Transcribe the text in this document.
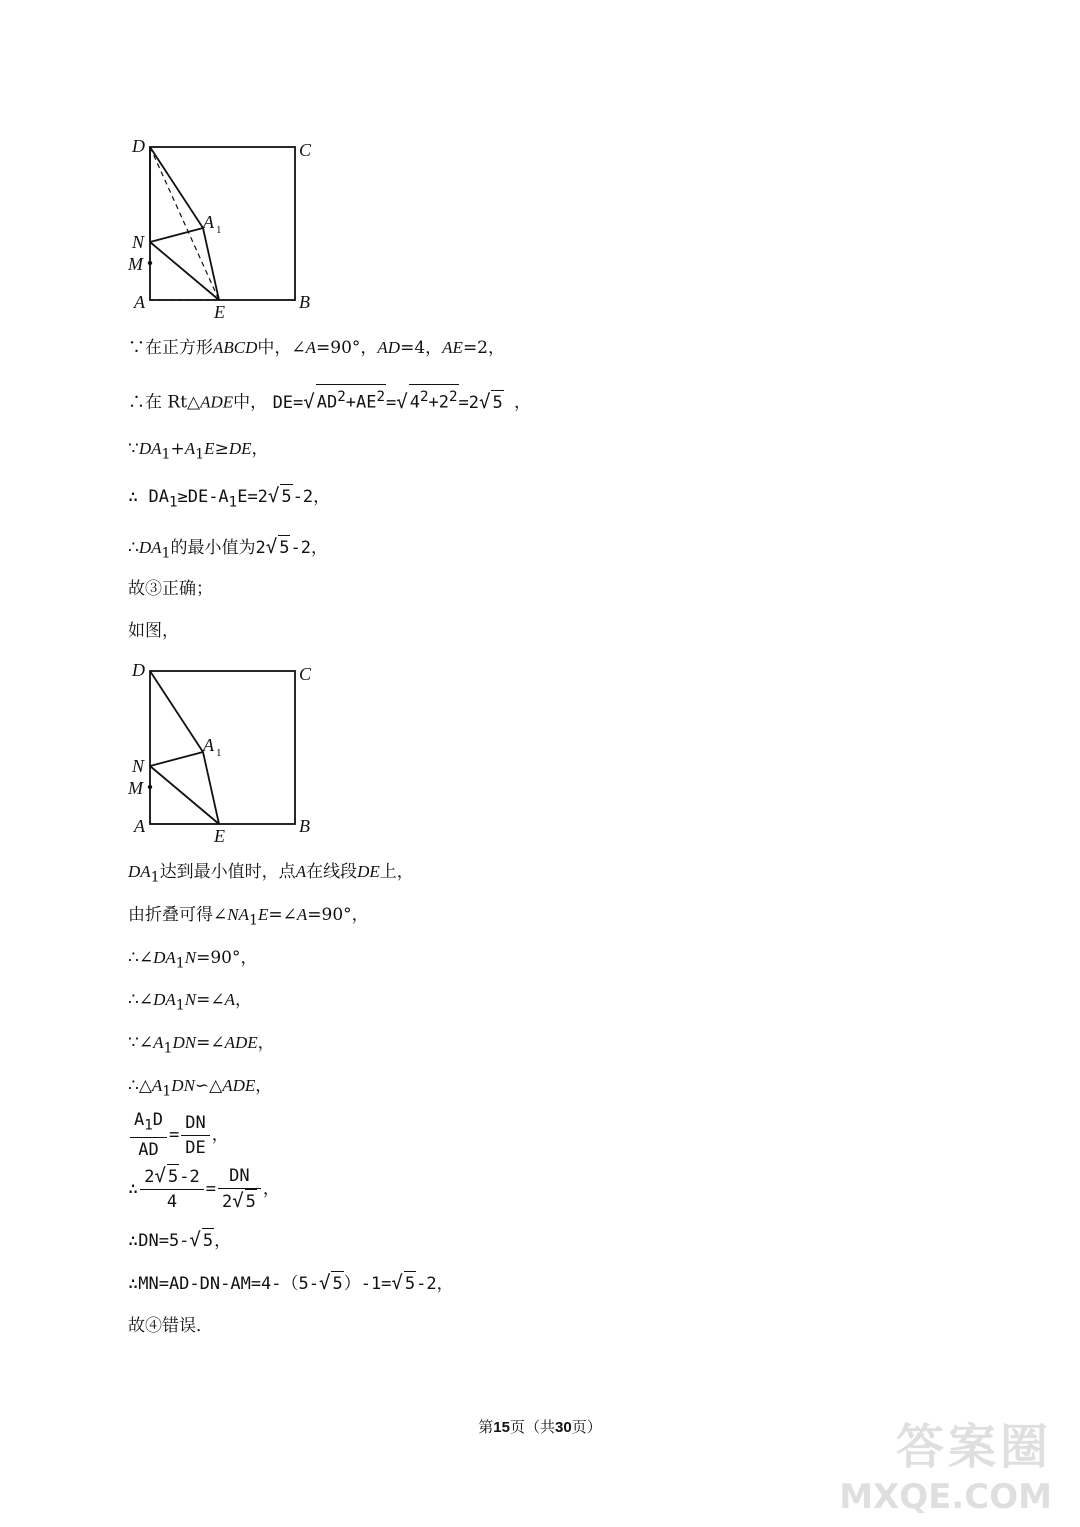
D	C
B
A	E
N
M
A 1
∵在正方形ABCD中，∠A=90°，AD=4，AE=2，
∴在 Rt△ADE中， DE=√ $AD^2+AE^2=√$ $4^2+2^2=2√$ 5 ，
$\because DA_1+A_1E\ge DE$，
∴ $DA_1\ge DE-A_1E=2√$ 5-2，
$\therefore DA_1$的最小值为2√ 5-2，
故③正确；
如图，
D	C
B
A	E
N
M
A 1
$DA_1$达到最小值时，点A在线段DE上，
由折叠可得$\angle NA_1E=\angle A=90^\circ$，
$\therefore\angle DA_1N=90^\circ$，
$\therefore\angle DA_1N=\angle A$，
$\because\angle A_1DN=\angle ADE$，
$\therefore\triangle A_1DN∽\triangle ADE$，
$\frac{A_1D}{AD} = \frac{DN}{DE}$ ，
∴ $\frac{2√ 5-2}{4} = \frac{DN}{2√ 5}$ ，
∴DN=5-√ 5，
∴MN=AD-DN-AM=4-（5-√ 5）-1=√ 5-2，
故④错误．
第15页（共30页）	答案圈
MXQE.COM
